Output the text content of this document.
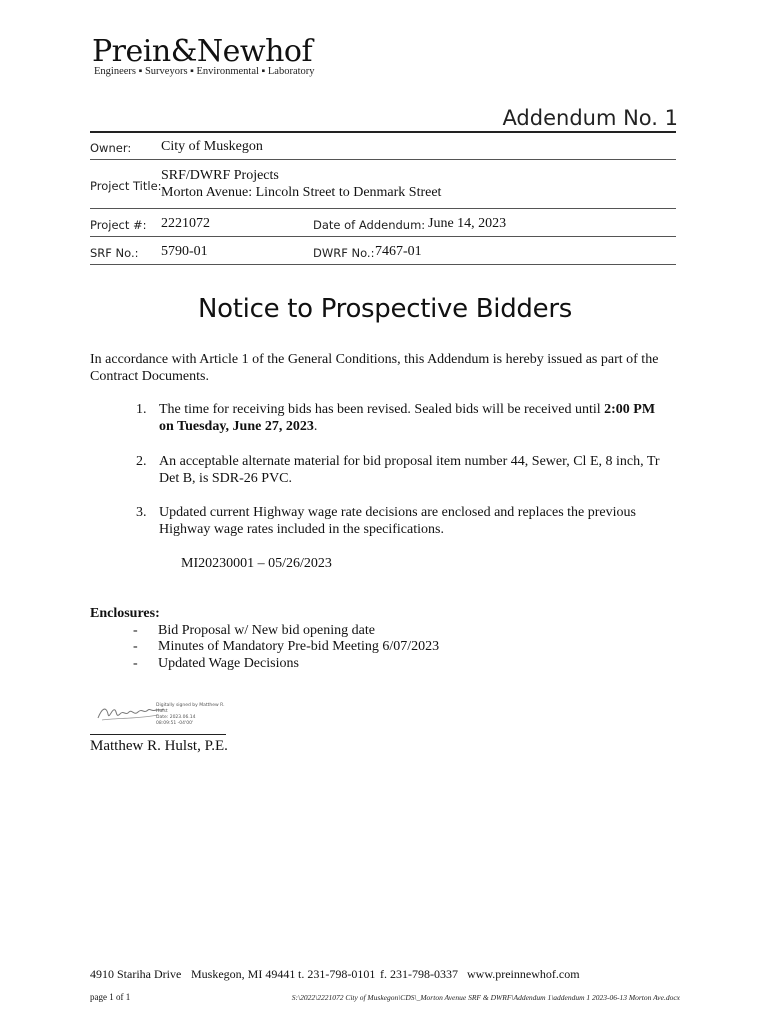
Prein&Newhof
Engineers ▪ Surveyors ▪ Environmental ▪ Laboratory
Addendum No. 1
Owner: City of Muskegon
Project Title:
SRF/DWRF Projects
Morton Avenue: Lincoln Street to Denmark Street
Project #: 2221072	Date of Addendum: June 14, 2023
SRF No.: 5790-01	DWRF No.: 7467-01
Notice to Prospective Bidders
In accordance with Article 1 of the General Conditions, this Addendum is hereby issued as part of the
Contract Documents.
1. The time for receiving bids has been revised. Sealed bids will be received until 2:00 PM
on Tuesday, June 27, 2023.
2. An acceptable alternate material for bid proposal item number 44, Sewer, Cl E, 8 inch, Tr
Det B, is SDR-26 PVC.
3. Updated current Highway wage rate decisions are enclosed and replaces the previous
Highway wage rates included in the specifications.
MI20230001 – 05/26/2023
Enclosures:
- Bid Proposal w/ New bid opening date
- Minutes of Mandatory Pre-bid Meeting 6/07/2023
- Updated Wage Decisions
Digitally signed by Matthew R.
Hulst
Date: 2023.06.14
08:09:51 -04'00'
Matthew R. Hulst, P.E.
4910 Stariha Drive Muskegon, MI 49441 t. 231-798-0101 f. 231-798-0337 www.preinnewhof.com
page 1 of 1	S:\2022\2221072 City of Muskegon\CDS\_Morton Avenue SRF & DWRF\Addendum 1\addendum 1 2023-06-13 Morton Ave.docx
